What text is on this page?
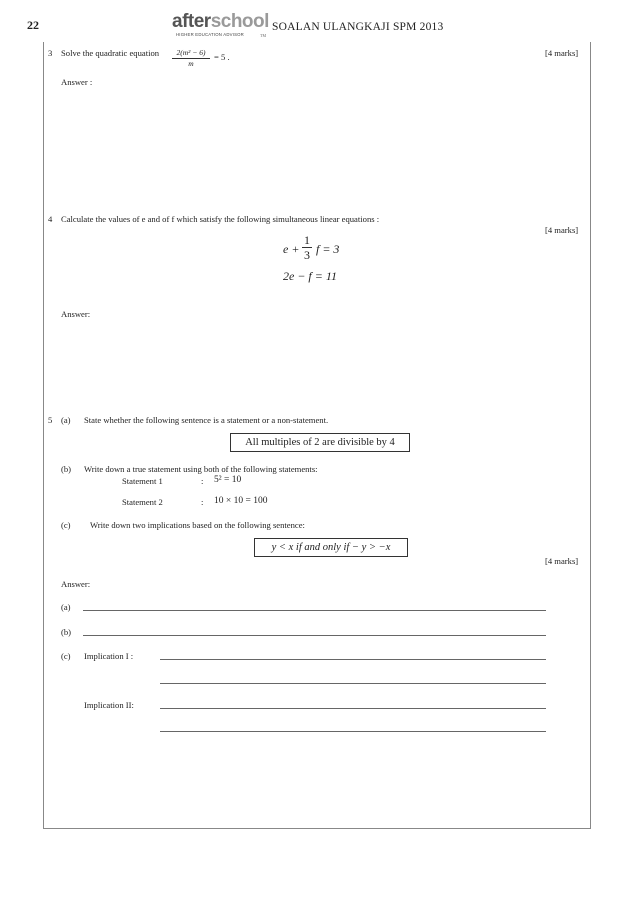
22	afterschool
HIGHER EDUCATION ADVISOR	TM
SOALAN ULANGKAJI SPM 2013
3 Solve the quadratic equation $\frac{\text{2(m² − 6)}}{m} = 5$ .	[4 marks]
Answer :
4 Calculate the values of e and of f which satisfy the following simultaneous linear equations :
[4 marks]
$e + \frac{1}{3}$ f = 3
2e − f = 11
Answer:
5 (a) State whether the following sentence is a statement or a non-statement.
All multiples of 2 are divisible by 4
(b) Write down a true statement using both of the following statements:
Statement 1	: 5² = 10
Statement 2	: 10 × 10 = 100
(c) Write down two implications based on the following sentence:
y < x if and only if − y > −x
[4 marks]
Answer:
(a)
(b)
(c) Implication I :
Implication II:
